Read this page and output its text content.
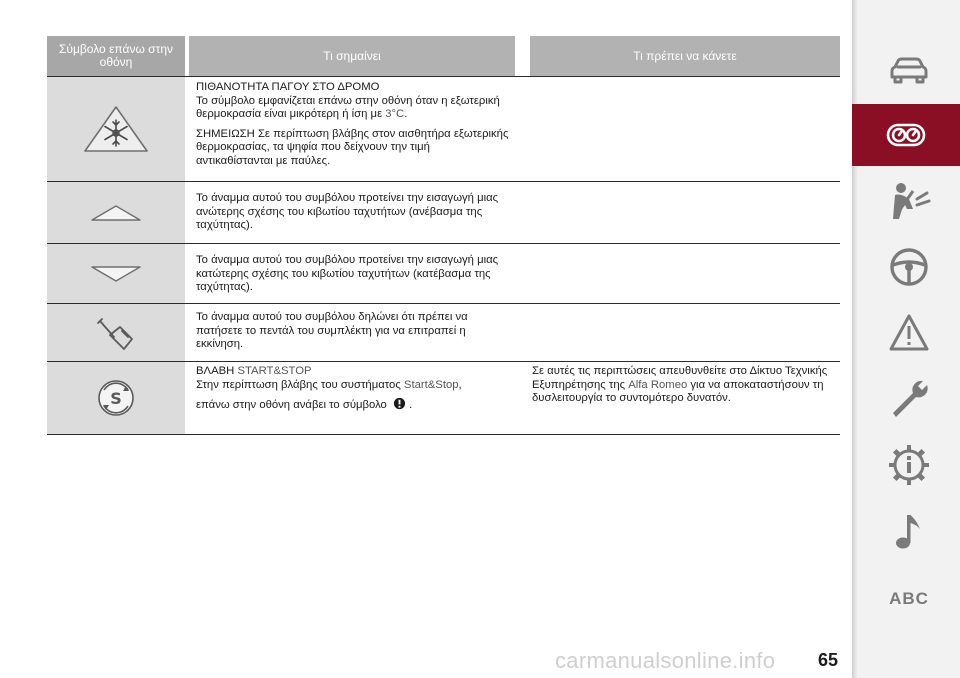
Σύμβολο επάνω στην οθόνη	Τι σημαίνει	Τι πρέπει να κάνετε

ΠΙΘΑΝΟΤΗΤΑ ΠΑΓΟΥ ΣΤΟ ΔΡΟΜΟ
Το σύμβολο εμφανίζεται επάνω στην οθόνη όταν η εξωτερική θερμοκρασία είναι μικρότερη ή ίση με 3°C.

ΣΗΜΕΙΩΣΗ Σε περίπτωση βλάβης στον αισθητήρα εξωτερικής θερμοκρασίας, τα ψηφία που δείχνουν την τιμή αντικαθίστανται με παύλες.

Το άναμμα αυτού του συμβόλου προτείνει την εισαγωγή μιας ανώτερης σχέσης του κιβωτίου ταχυτήτων (ανέβασμα της ταχύτητας).
Το άναμμα αυτού του συμβόλου προτείνει την εισαγωγή μιας κατώτερης σχέσης του κιβωτίου ταχυτήτων (κατέβασμα της ταχύτητας).
Το άναμμα αυτού του συμβόλου δηλώνει ότι πρέπει να πατήσετε το πεντάλ του συμπλέκτη για να επιτραπεί η εκκίνηση.
S

ΒΛΑΒΗ START&STOP
Στην περίπτωση βλάβης του συστήματος Start&Stop,

επάνω στην οθόνη ανάβει το σύμβολο .

Σε αυτές τις περιπτώσεις απευθυνθείτε στο Δίκτυο Τεχνικής Εξυπηρέτησης της Alfa Romeo για να αποκαταστήσουν τη δυσλειτουργία το συντομότερο δυνατόν.
ABC
carmanualsonline.info 65
